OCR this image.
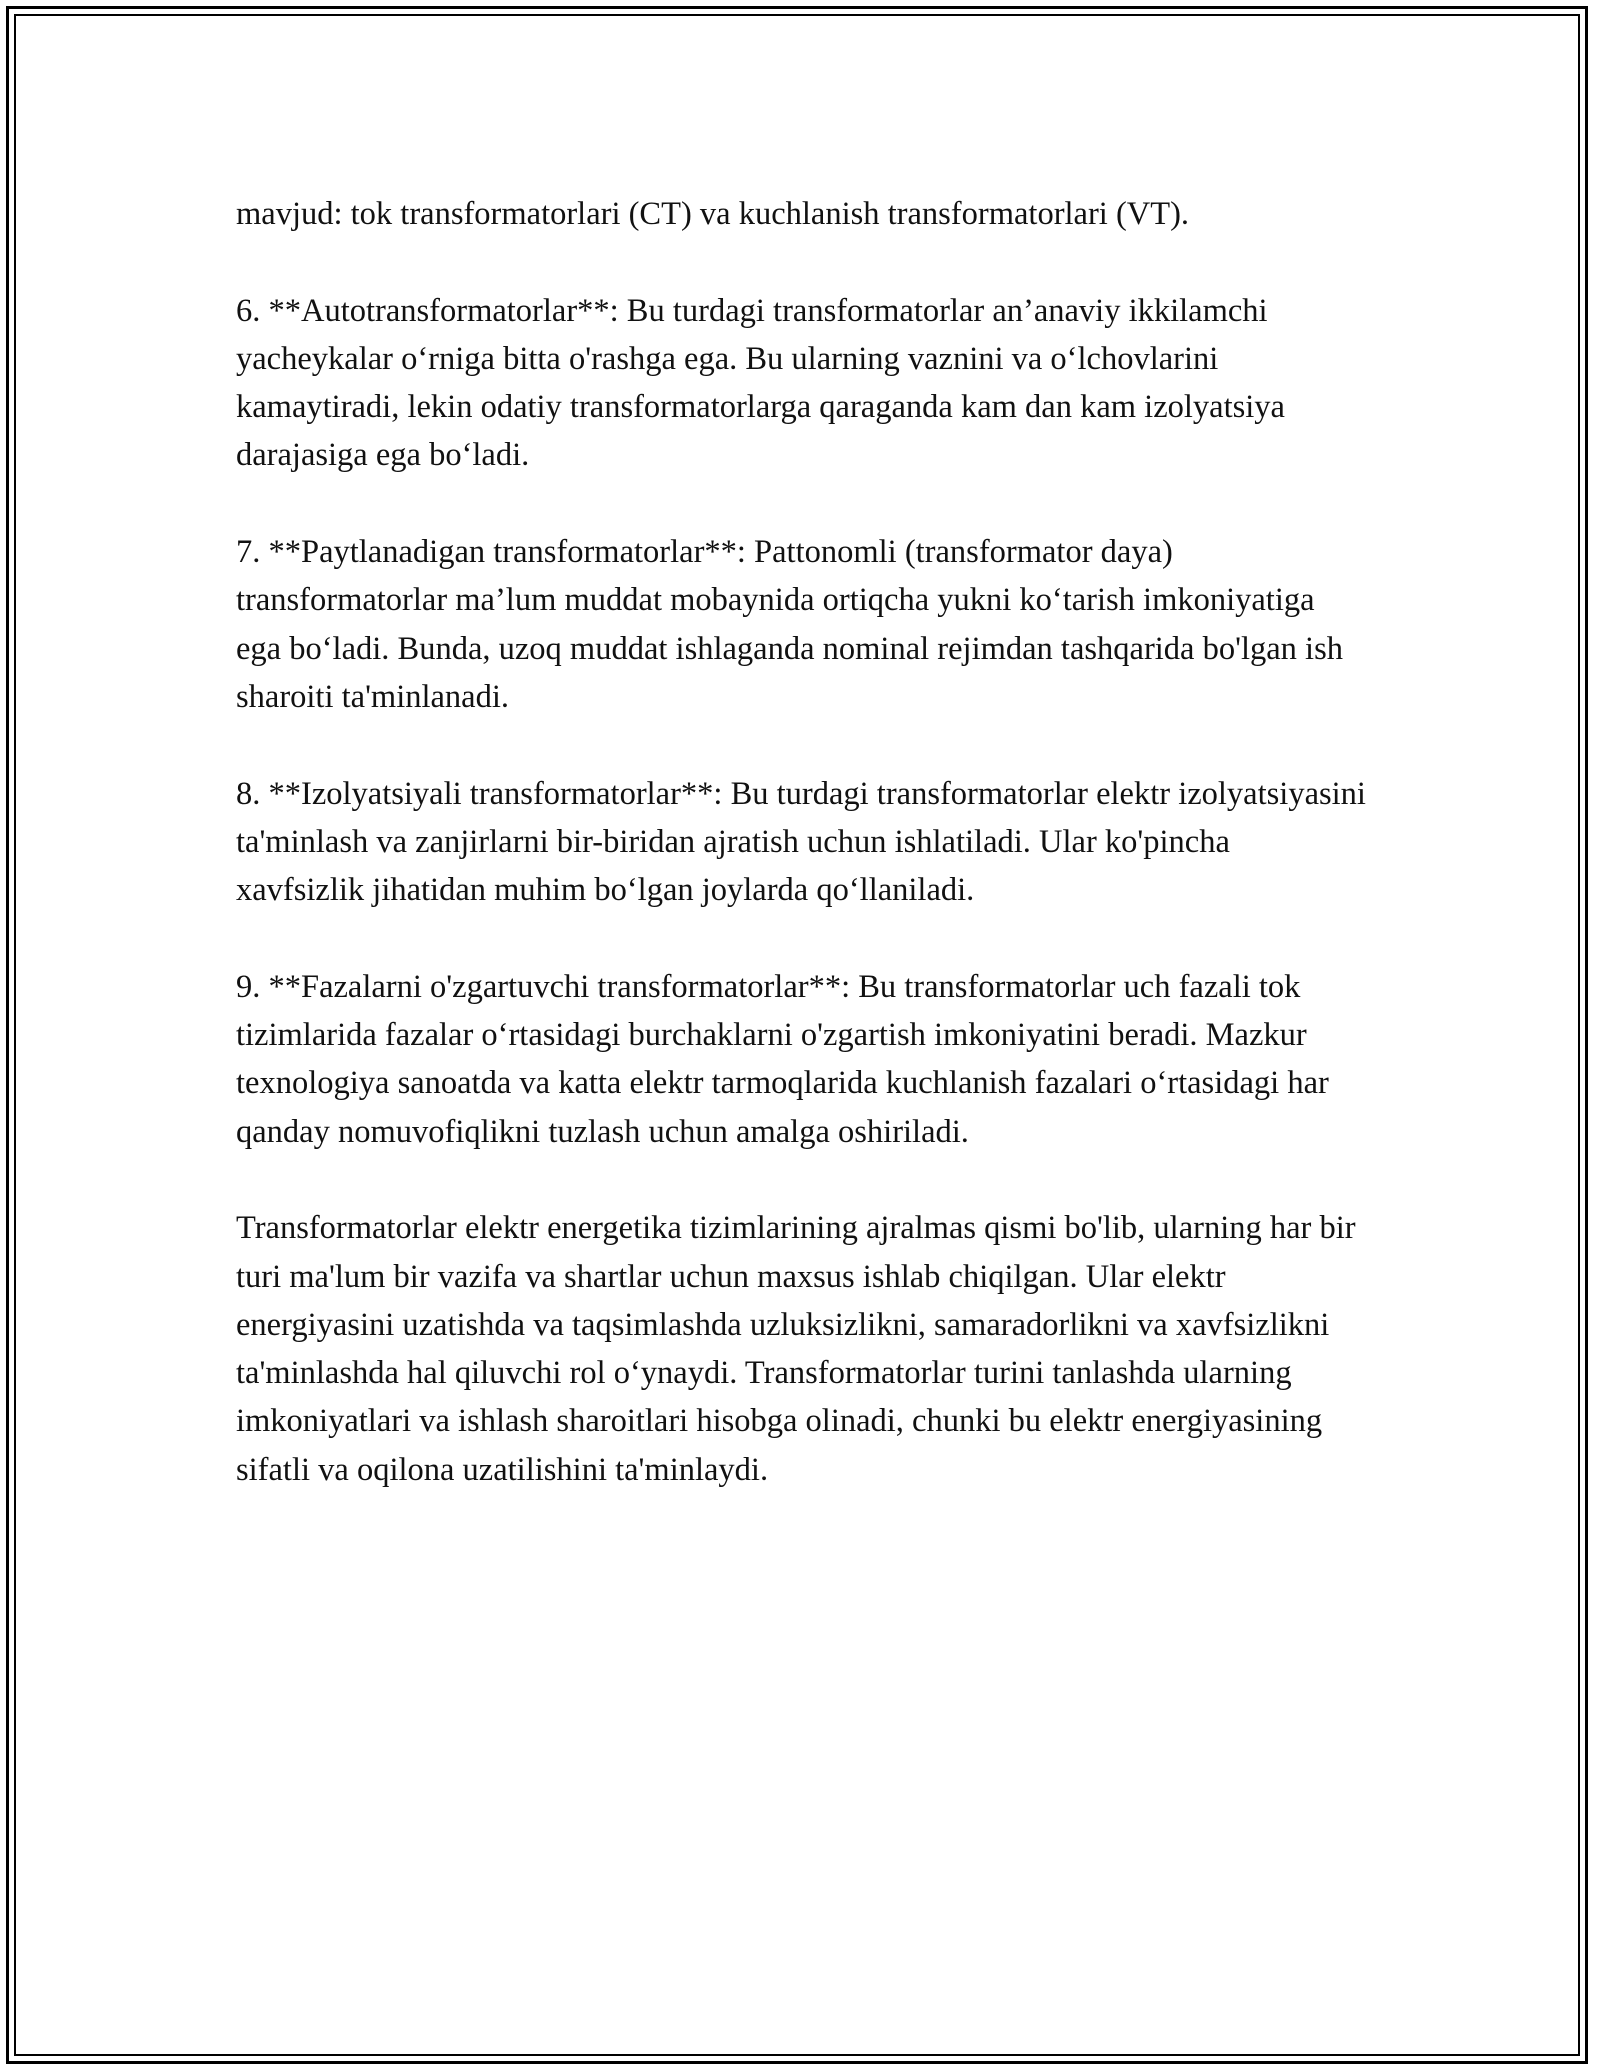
mavjud: tok transformatorlari (CT) va kuchlanish transformatorlari (VT).

6. **Autotransformatorlar**: Bu turdagi transformatorlar an’anaviy ikkilamchi yacheykalar o‘rniga bitta o'rashga ega. Bu ularning vaznini va o‘lchovlarini kamaytiradi, lekin odatiy transformatorlarga qaraganda kam dan kam izolyatsiya darajasiga ega bo‘ladi.

7. **Paytlanadigan transformatorlar**: Pattonomli (transformator daya) transformatorlar ma’lum muddat mobaynida ortiqcha yukni ko‘tarish imkoniyatiga ega bo‘ladi. Bunda, uzoq muddat ishlaganda nominal rejimdan tashqarida bo'lgan ish sharoiti ta'minlanadi.

8. **Izolyatsiyali transformatorlar**: Bu turdagi transformatorlar elektr izolyatsiyasini ta'minlash va zanjirlarni bir-biridan ajratish uchun ishlatiladi. Ular ko'pincha xavfsizlik jihatidan muhim bo‘lgan joylarda qo‘llaniladi.

9. **Fazalarni o'zgartuvchi transformatorlar**: Bu transformatorlar uch fazali tok tizimlarida fazalar o‘rtasidagi burchaklarni o'zgartish imkoniyatini beradi. Mazkur texnologiya sanoatda va katta elektr tarmoqlarida kuchlanish fazalari o‘rtasidagi har qanday nomuvofiqlikni tuzlash uchun amalga oshiriladi.

Transformatorlar elektr energetika tizimlarining ajralmas qismi bo'lib, ularning har bir turi ma'lum bir vazifa va shartlar uchun maxsus ishlab chiqilgan. Ular elektr energiyasini uzatishda va taqsimlashda uzluksizlikni, samaradorlikni va xavfsizlikni ta'minlashda hal qiluvchi rol o‘ynaydi. Transformatorlar turini tanlashda ularning imkoniyatlari va ishlash sharoitlari hisobga olinadi, chunki bu elektr energiyasining sifatli va oqilona uzatilishini ta'minlaydi.
